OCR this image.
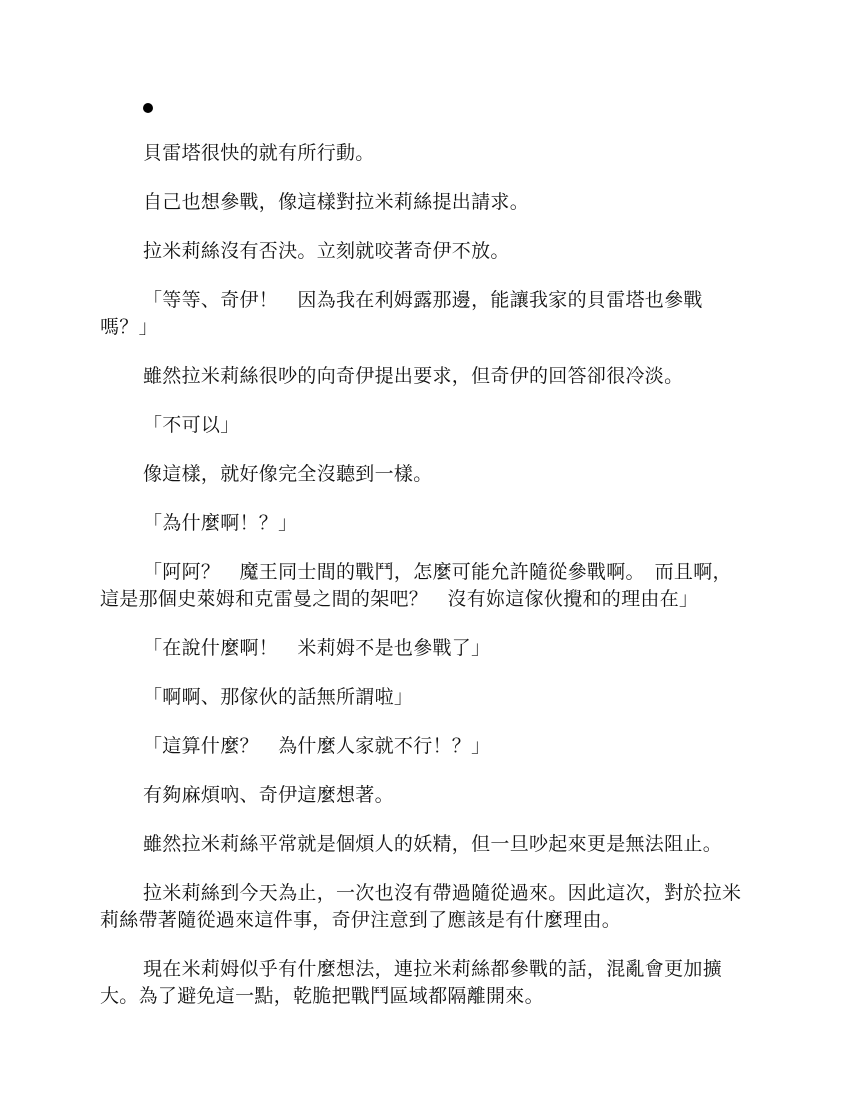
貝雷塔很快的就有所行動。

自己也想參戰，像這樣對拉米莉絲提出請求。

拉米莉絲沒有否決。立刻就咬著奇伊不放。

「等等、奇伊！　因為我在利姆露那邊，能讓我家的貝雷塔也參戰嗎？」

雖然拉米莉絲很吵的向奇伊提出要求，但奇伊的回答卻很冷淡。

「不可以」

像這樣，就好像完全沒聽到一樣。

「為什麼啊！？」

「阿阿？　魔王同士間的戰鬥，怎麼可能允許隨從參戰啊。　而且啊，這是那個史萊姆和克雷曼之間的架吧？　沒有妳這傢伙攪和的理由在」

「在說什麼啊！　米莉姆不是也參戰了」

「啊啊、那傢伙的話無所謂啦」

「這算什麼？　為什麼人家就不行！？」

有夠麻煩吶、奇伊這麼想著。

雖然拉米莉絲平常就是個煩人的妖精，但一旦吵起來更是無法阻止。

拉米莉絲到今天為止，一次也沒有帶過隨從過來。因此這次，對於拉米莉絲帶著隨從過來這件事，奇伊注意到了應該是有什麼理由。

現在米莉姆似乎有什麼想法，連拉米莉絲都參戰的話，混亂會更加擴大。為了避免這一點，乾脆把戰鬥區域都隔離開來。
